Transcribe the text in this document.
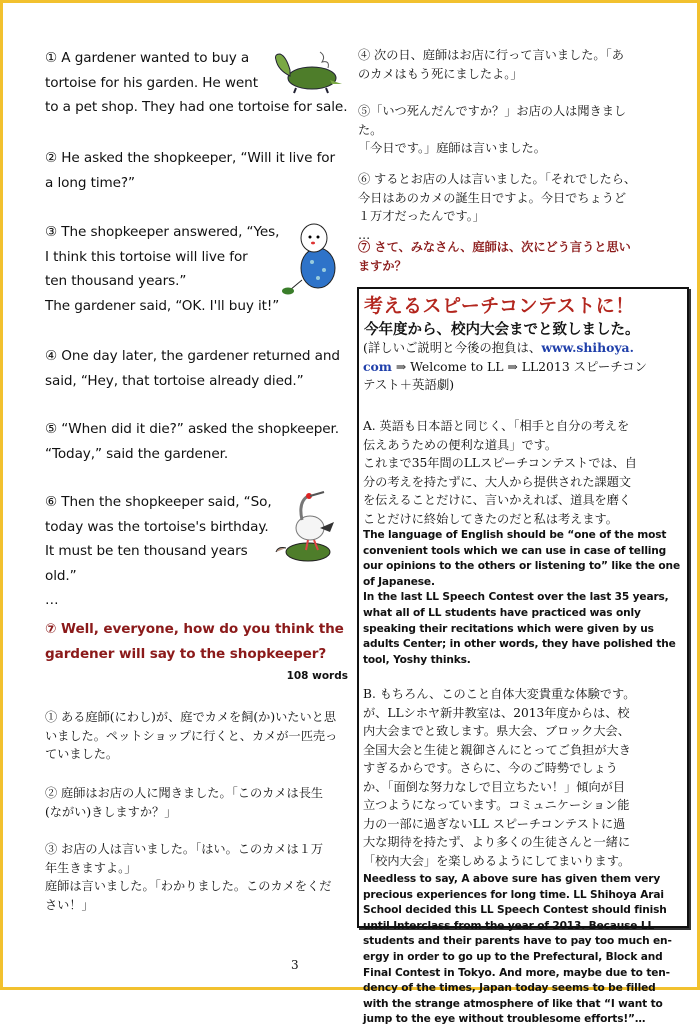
① A gardener wanted to buy a
tortoise for his garden. He went
to a pet shop. They had one tortoise for sale.
② He asked the shopkeeper, “Will it live for
a long time?”
③ The shopkeeper answered, “Yes,
I think this tortoise will live for
ten thousand years.”
The gardener said, “OK. I'll buy it!”
④ One day later, the gardener returned and
said, “Hey, that tortoise already died.”
⑤ “When did it die?” asked the shopkeeper.
“Today,” said the gardener.
⑥ Then the shopkeeper said, “So,
today was the tortoise's birthday.
It must be ten thousand years
old.”
…
⑦ Well, everyone, how do you think the
gardener will say to the shopkeeper?
108 words
① ある庭師(にわし)が、庭でカメを飼(か)いたいと思
いました。ペットショップに行くと、カメが一匹売っ
ていました。
② 庭師はお店の人に聞きました。「このカメは長生
(ながい)きしますか？」
③ お店の人は言いました。「はい。このカメは１万
年生きますよ。」
庭師は言いました。「わかりました。このカメをくだ
さい！」
④ 次の日、庭師はお店に行って言いました。「あ
のカメはもう死にましたよ。」
⑤「いつ死んだんですか？」お店の人は聞きまし
た。
「今日です。」庭師は言いました。
⑥ するとお店の人は言いました。「それでしたら、
今日はあのカメの誕生日ですよ。今日でちょうど
１万才だったんです。」
…
⑦ さて、みなさん、庭師は、次にどう言うと思い
ますか？
考えるスピーチコンテストに！
今年度から、校内大会までと致しました。
(詳しいご説明と今後の抱負は、www.shihoya.
com ⇒ Welcome to LL ⇒ LL2013 スピーチコン
テスト＋英語劇)
A. 英語も日本語と同じく、「相手と自分の考えを
伝えあうための便利な道具」です。
これまで35年間のLLスピーチコンテストでは、自
分の考えを持たずに、大人から提供された課題文
を伝えることだけに、言いかえれば、道具を磨く
ことだけに終始してきたのだと私は考えます。
The language of English should be “one of the most
convenient tools which we can use in case of telling
our opinions to the others or listening to” like the one
of Japanese.
In the last LL Speech Contest over the last 35 years,
what all of LL students have practiced was only
speaking their recitations which were given by us
adults Center; in other words, they have polished the
tool, Yoshy thinks.
B. もちろん、このこと自体大変貴重な体験です。
が、LLシホヤ新井教室は、2013年度からは、校
内大会までと致します。県大会、ブロック大会、
全国大会と生徒と親御さんにとってご負担が大き
すぎるからです。さらに、今のご時勢でしょう
か、「面倒な努力なしで目立ちたい！」傾向が目
立つようになっています。コミュニケーション能
力の一部に過ぎないLL スピーチコンテストに過
大な期待を持たず、より多くの生徒さんと一緒に
「校内大会」を楽しめるようにしてまいります。
Needless to say, A above sure has given them very
precious experiences for long time. LL Shihoya Arai
School decided this LL Speech Contest should finish
until Interclass from the year of 2013. Because LL
students and their parents have to pay too much en-
ergy in order to go up to the Prefectural, Block and
Final Contest in Tokyo. And more, maybe due to ten-
dency of the times, Japan today seems to be filled
with the strange atmosphere of like that “I want to
jump to the eye without troublesome efforts!”…
3
